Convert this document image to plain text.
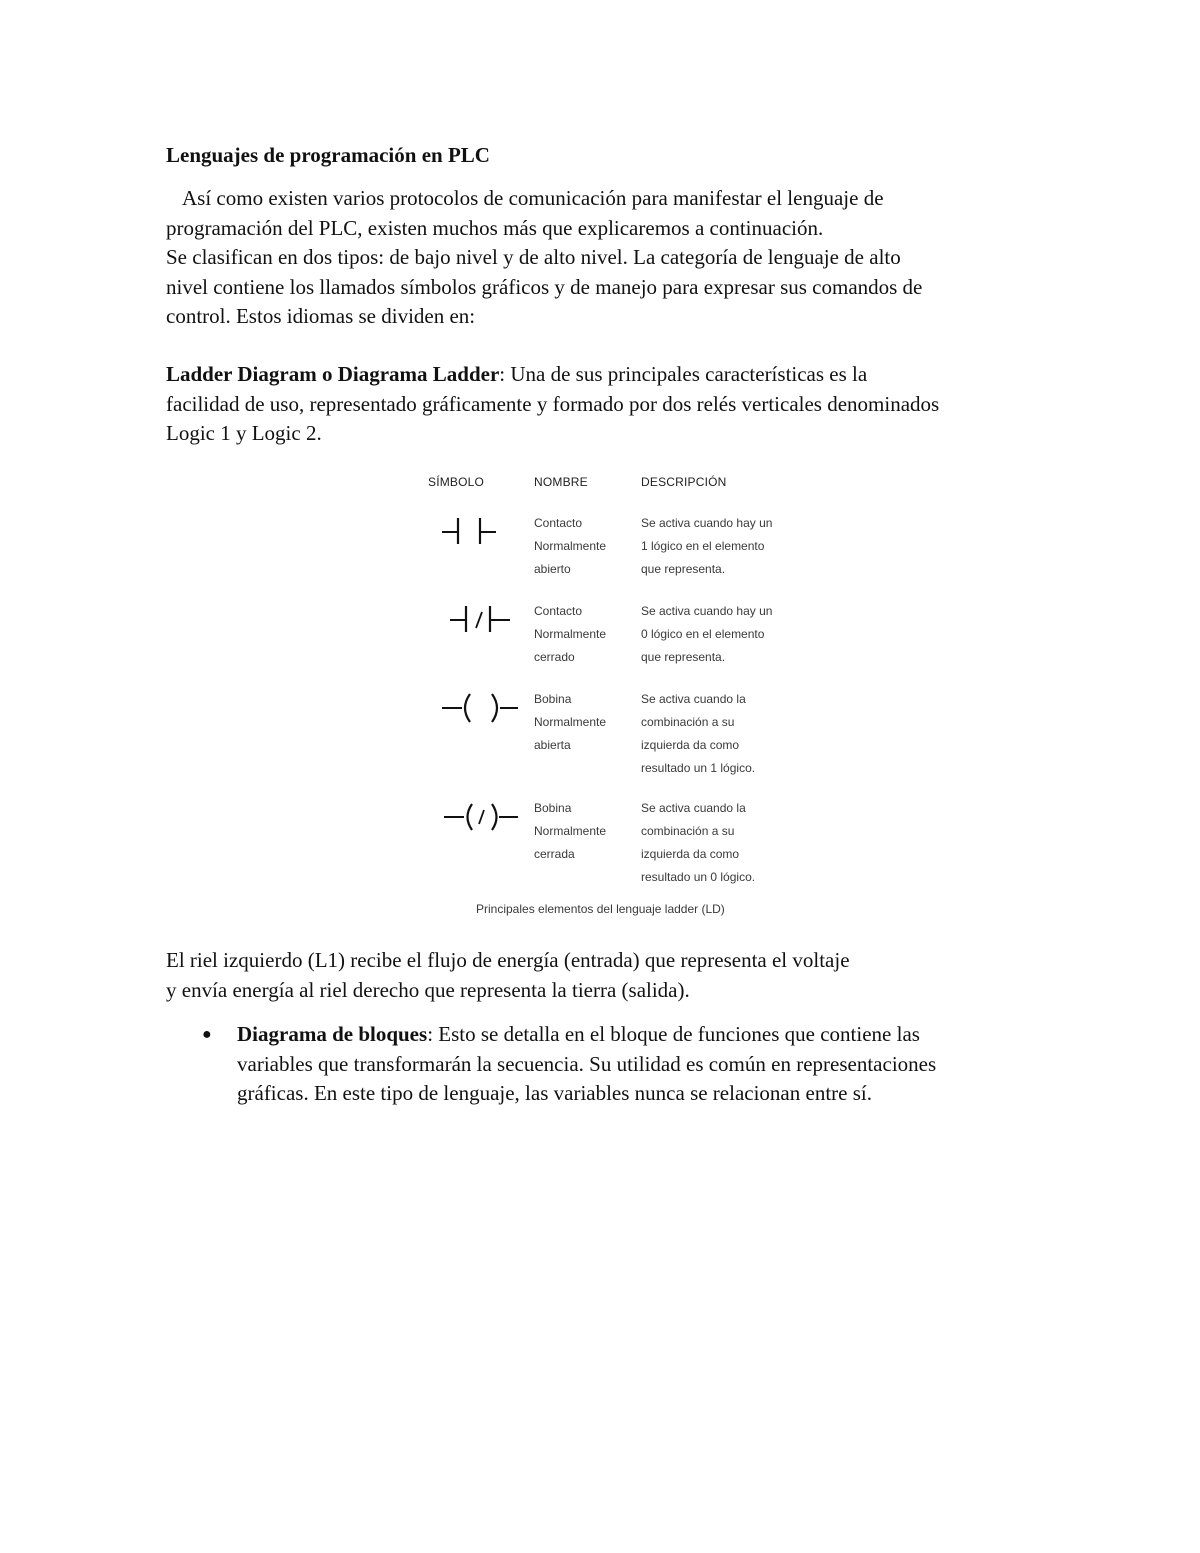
Lenguajes de programación en PLC

Así como existen varios protocolos de comunicación para manifestar el lenguaje de
programación del PLC, existen muchos más que explicaremos a continuación.
Se clasifican en dos tipos: de bajo nivel y de alto nivel. La categoría de lenguaje de alto
nivel contiene los llamados símbolos gráficos y de manejo para expresar sus comandos de
control. Estos idiomas se dividen en:

Ladder Diagram o Diagrama Ladder: Una de sus principales características es la
facilidad de uso, representado gráficamente y formado por dos relés verticales denominados
Logic 1 y Logic 2.

SÍMBOLO	NOMBRE	DESCRIPCIÓN
Contacto
Normalmente
abierto
Se activa cuando hay un
1 lógico en el elemento
que representa.
Contacto
Normalmente
cerrado
Se activa cuando hay un
0 lógico en el elemento
que representa.
Bobina
Normalmente
abierta
Se activa cuando la
combinación a su
izquierda da como
resultado un 1 lógico.
Bobina
Normalmente
cerrada
Se activa cuando la
combinación a su
izquierda da como
resultado un 0 lógico.
Principales elementos del lenguaje ladder (LD)

El riel izquierdo (L1) recibe el flujo de energía (entrada) que representa el voltaje
y envía energía al riel derecho que representa la tierra (salida).

● Diagrama de bloques: Esto se detalla en el bloque de funciones que contiene las
variables que transformarán la secuencia. Su utilidad es común en representaciones
gráficas. En este tipo de lenguaje, las variables nunca se relacionan entre sí.
